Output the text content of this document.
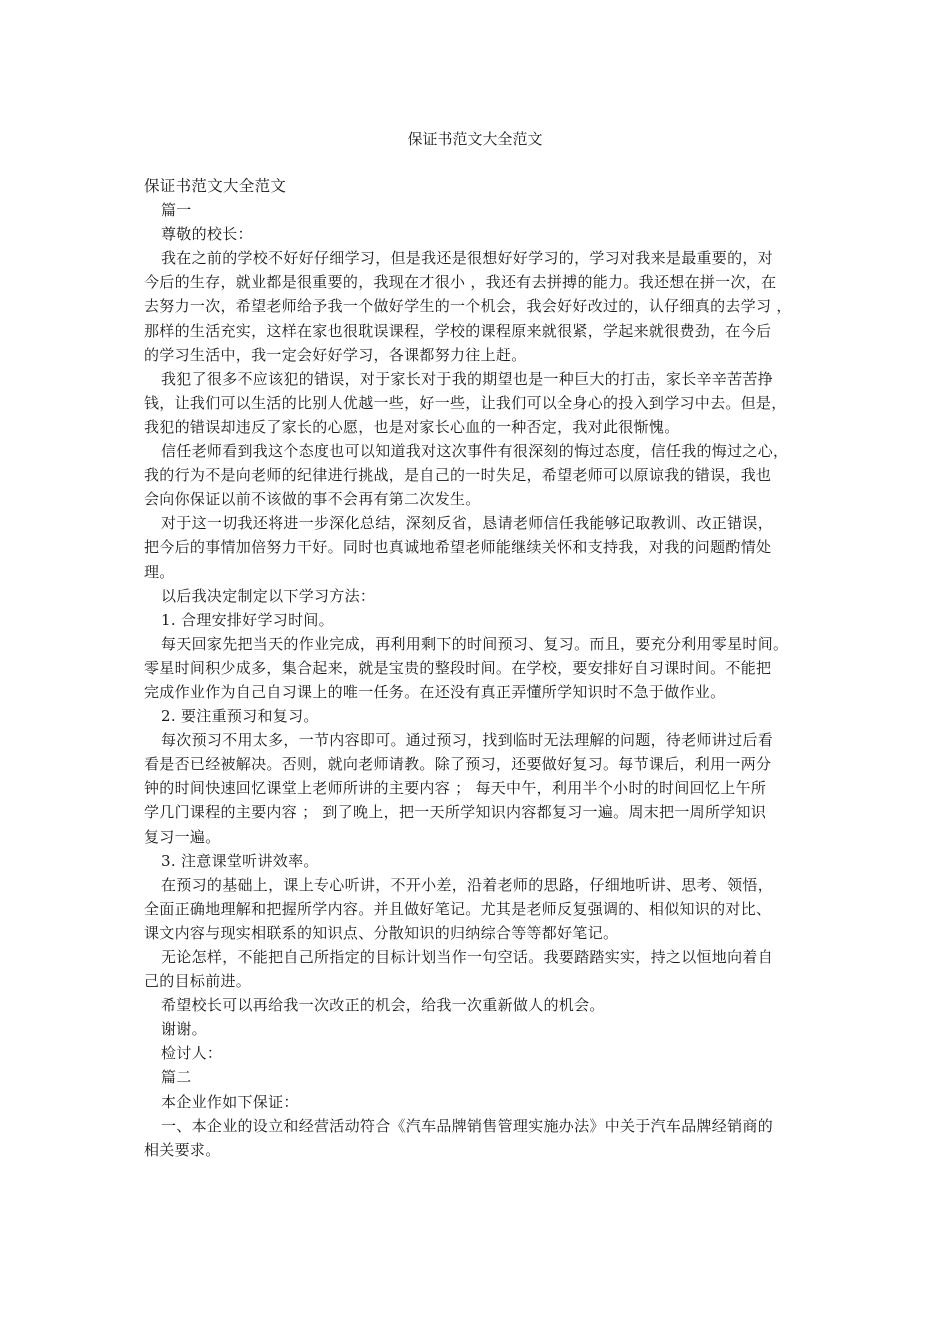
保证书范文大全范文
保证书范文大全范文
篇一
尊敬的校长：
我在之前的学校不好好仔细学习，但是我还是很想好好学习的，学习对我来是最重要的，对
今后的生存，就业都是很重要的，我现在才很小 ，我还有去拼搏的能力。我还想在拼一次，在
去努力一次，希望老师给予我一个做好学生的一个机会，我会好好改过的，认仔细真的去学习 ，
那样的生活充实，这样在家也很耽误课程，学校的课程原来就很紧，学起来就很费劲，在今后
的学习生活中，我一定会好好学习，各课都努力往上赶。
我犯了很多不应该犯的错误，对于家长对于我的期望也是一种巨大的打击，家长辛辛苦苦挣
钱，让我们可以生活的比别人优越一些，好一些，让我们可以全身心的投入到学习中去。但是，
我犯的错误却违反了家长的心愿，也是对家长心血的一种否定，我对此很惭愧。
信任老师看到我这个态度也可以知道我对这次事件有很深刻的悔过态度，信任我的悔过之心，
我的行为不是向老师的纪律进行挑战，是自己的一时失足，希望老师可以原谅我的错误，我也
会向你保证以前不该做的事不会再有第二次发生。
对于这一切我还将进一步深化总结，深刻反省，恳请老师信任我能够记取教训、改正错误，
把今后的事情加倍努力干好。同时也真诚地希望老师能继续关怀和支持我，对我的问题酌情处
理。
以后我决定制定以下学习方法：
1. 合理安排好学习时间。
每天回家先把当天的作业完成，再利用剩下的时间预习、复习。而且，要充分利用零星时间。
零星时间积少成多，集合起来，就是宝贵的整段时间。在学校，要安排好自习课时间。不能把
完成作业作为自己自习课上的唯一任务。在还没有真正弄懂所学知识时不急于做作业。
2. 要注重预习和复习。
每次预习不用太多，一节内容即可。通过预习，找到临时无法理解的问题，待老师讲过后看
看是否已经被解决。否则，就向老师请教。除了预习，还要做好复习。每节课后，利用一两分
钟的时间快速回忆课堂上老师所讲的主要内容 ； 每天中午，利用半个小时的时间回忆上午所
学几门课程的主要内容 ； 到了晚上，把一天所学知识内容都复习一遍。周末把一周所学知识
复习一遍。
3. 注意课堂听讲效率。
在预习的基础上，课上专心听讲，不开小差，沿着老师的思路，仔细地听讲、思考、领悟，
全面正确地理解和把握所学内容。并且做好笔记。尤其是老师反复强调的、相似知识的对比、
课文内容与现实相联系的知识点、分散知识的归纳综合等等都好笔记。
无论怎样，不能把自己所指定的目标计划当作一句空话。我要踏踏实实，持之以恒地向着自
己的目标前进。
希望校长可以再给我一次改正的机会，给我一次重新做人的机会。
谢谢。
检讨人：
篇二
本企业作如下保证：
一、本企业的设立和经营活动符合《汽车品牌销售管理实施办法》中关于汽车品牌经销商的
相关要求。
